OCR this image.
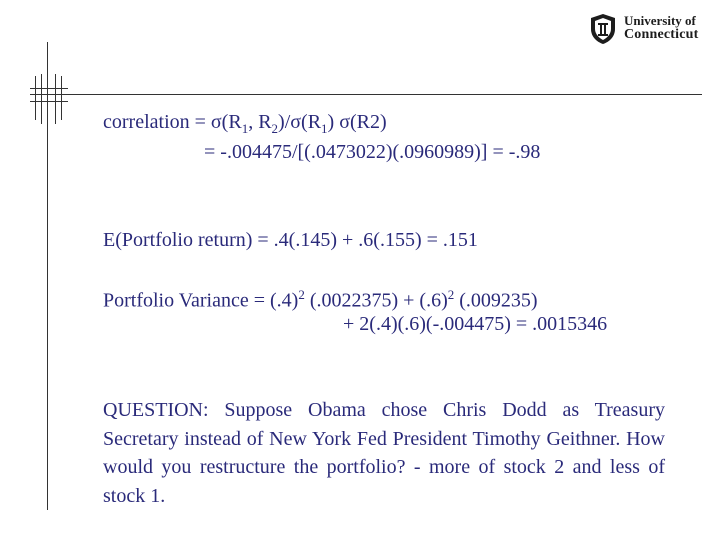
University of
Connecticut
correlation = $\sigma(R_1$, $R_2)/\sigma(R_1)$ σ(R2)
= -.004475/[(.0473022)(.0960989)] = -.98
E(Portfolio return) = .4(.145) + .6(.155) = .151
Portfolio Variance = $(.4)^2$ $(.0022375) + (.6)^2$ (.009235)
+ 2(.4)(.6)(-.004475) = .0015346
QUESTION: Suppose Obama chose Chris Dodd as Treasury Secretary instead of New York Fed President Timothy Geithner. How would you restructure the portfolio? - more of stock 2 and less of stock 1.
